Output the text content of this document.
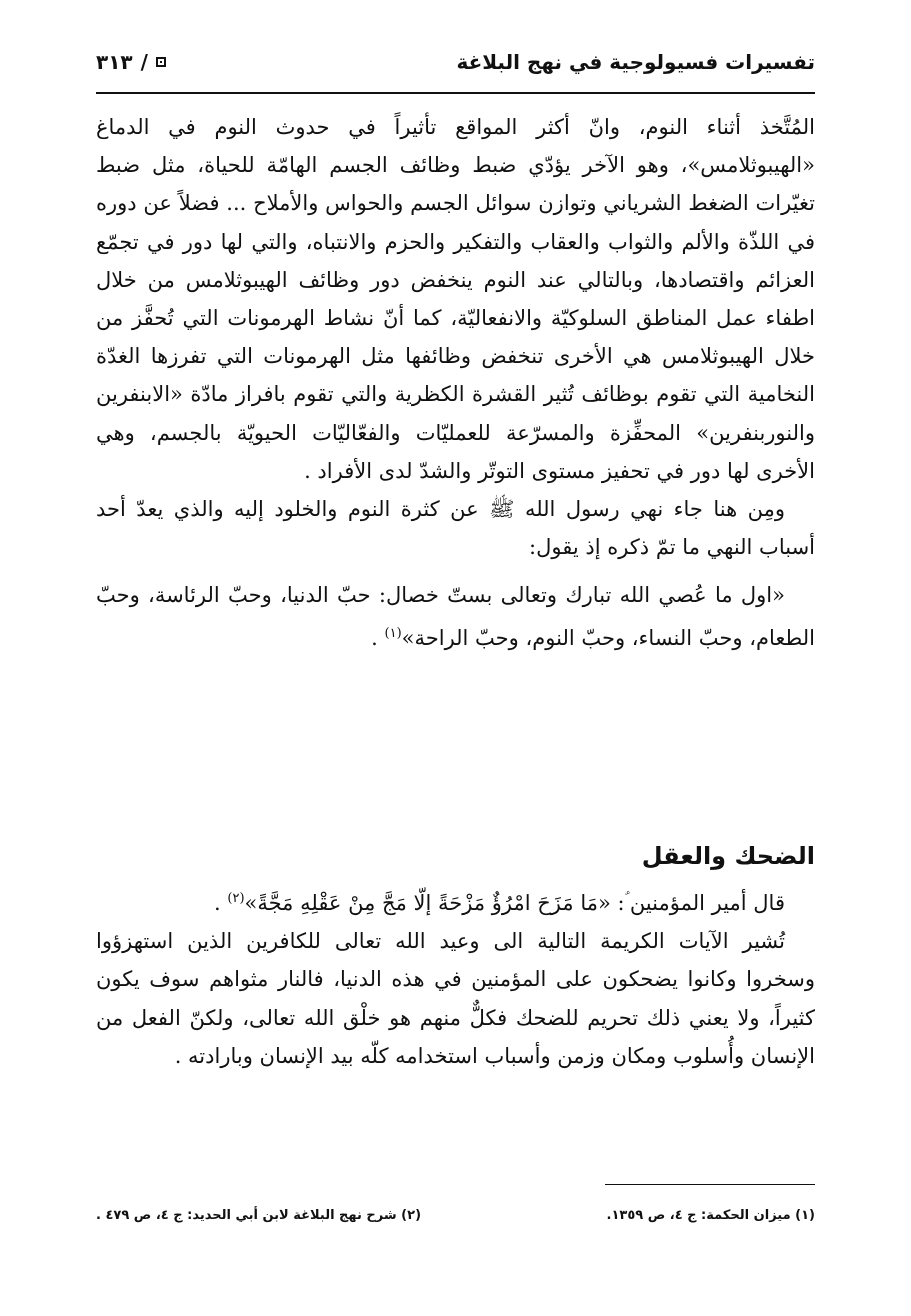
تفسيرات فسيولوجية في نهج البلاغة
٣١٣ /

المُتَّخذ أثناء النوم، وانّ أكثر المواقع تأثيراً في حدوث النوم في الدماغ «الهيبوثلامس»، وهو الآخر يؤدّي ضبط وظائف الجسم الهامّة للحياة، مثل ضبط تغيّرات الضغط الشرياني وتوازن سوائل الجسم والحواس والأملاح ... فضلاً عن دوره في اللذّة والألم والثواب والعقاب والتفكير والحزم والانتباه، والتي لها دور في تجمّع العزائم واقتصادها، وبالتالي عند النوم ينخفض دور وظائف الهيبوثلامس من خلال اطفاء عمل المناطق السلوكيّة والانفعاليّة، كما أنّ نشاط الهرمونات التي تُحفَّز من خلال الهيبوثلامس هي الأخرى تنخفض وظائفها مثل الهرمونات التي تفرزها الغدّة النخامية التي تقوم بوظائف تُثير القشرة الكظرية والتي تقوم بافراز مادّة «الابنفرين والنوربنفرين» المحفِّزة والمسرّعة للعمليّات والفعّاليّات الحيويّة بالجسم، وهي الأخرى لها دور في تحفيز مستوى التوتّر والشدّ لدى الأفراد .

ومِن هنا جاء نهي رسول الله ﷺ عن كثرة النوم والخلود إليه والذي يعدّ أحد أسباب النهي ما تمّ ذكره إذ يقول:

«اول ما عُصي الله تبارك وتعالى بستّ خصال: حبّ الدنيا، وحبّ الرئاسة، وحبّ الطعام، وحبّ النساء، وحبّ النوم، وحبّ الراحة»$^{(١)}$ .

الضحك والعقل

قال أمير المؤمنين ؑ: «مَا مَزَحَ امْرُؤٌ مَزْحَةً إلّا مَجَّ مِنْ عَقْلِهِ مَجَّةً»$^{(٢)}$ .

تُشير الآيات الكريمة التالية الى وعيد الله تعالى للكافرين الذين استهزؤوا وسخروا وكانوا يضحكون على المؤمنين في هذه الدنيا، فالنار مثواهم سوف يكون كثيراً، ولا يعني ذلك تحريم للضحك فكلٌّ منهم هو خلْق الله تعالى، ولكنّ الفعل من الإنسان وأُسلوب ومكان وزمن وأسباب استخدامه كلّه بيد الإنسان وبارادته .

(١) ميزان الحكمة: ج ٤، ص ١٣٥٩.
(٢) شرح نهج البلاغة لابن أبي الحديد: ج ٤، ص ٤٧٩ .
